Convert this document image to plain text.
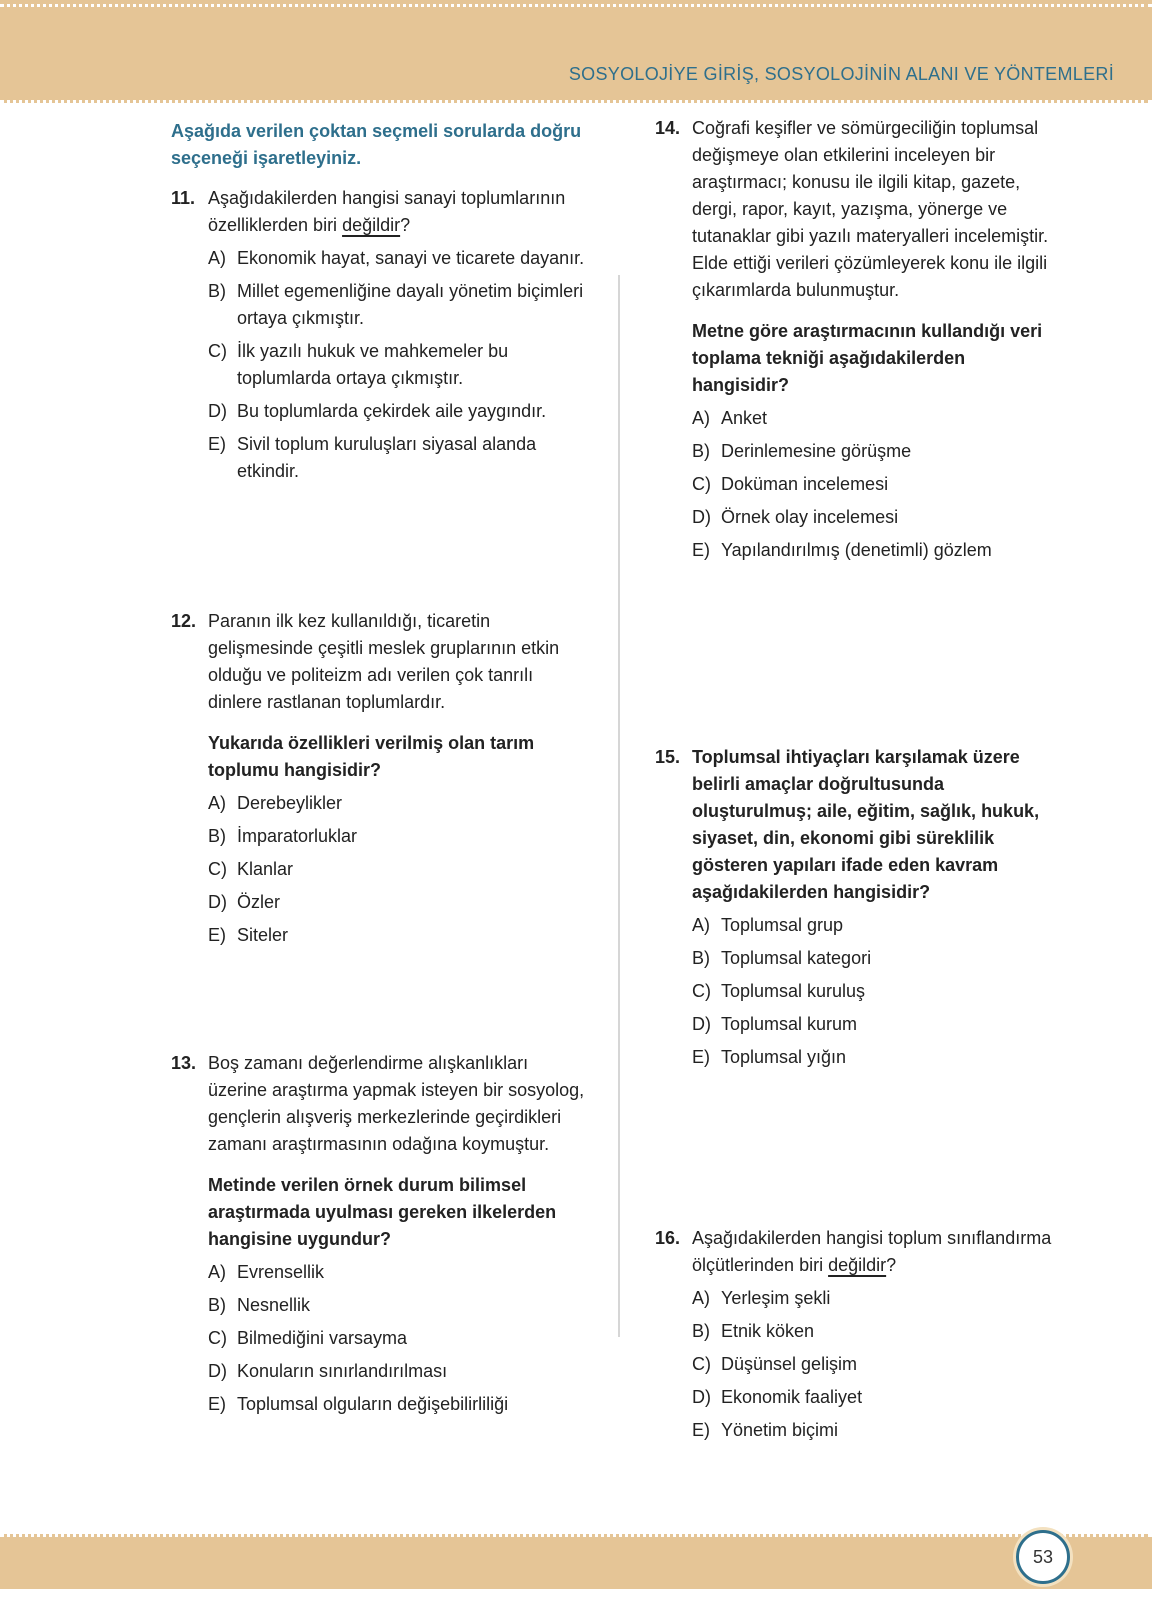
SOSYOLOJİYE GİRİŞ, SOSYOLOJİNİN ALANI VE YÖNTEMLERİ
Aşağıda verilen çoktan seçmeli sorularda doğru seçeneği işaretleyiniz.
11. Aşağıdakilerden hangisi sanayi toplumlarının özelliklerden biri değildir?
A) Ekonomik hayat, sanayi ve ticarete dayanır.
B) Millet egemenliğine dayalı yönetim biçimleri ortaya çıkmıştır.
C) İlk yazılı hukuk ve mahkemeler bu toplumlarda ortaya çıkmıştır.
D) Bu toplumlarda çekirdek aile yaygındır.
E) Sivil toplum kuruluşları siyasal alanda etkindir.
12. Paranın ilk kez kullanıldığı, ticaretin gelişmesinde çeşitli meslek gruplarının etkin olduğu ve politeizm adı verilen çok tanrılı dinlere rastlanan toplumlardır.
Yukarıda özellikleri verilmiş olan tarım toplumu hangisidir?
A) Derebeylikler
B) İmparatorluklar
C) Klanlar
D) Özler
E) Siteler
13. Boş zamanı değerlendirme alışkanlıkları üzerine araştırma yapmak isteyen bir sosyolog, gençlerin alışveriş merkezlerinde geçirdikleri zamanı araştırmasının odağına koymuştur.
Metinde verilen örnek durum bilimsel araştırmada uyulması gereken ilkelerden hangisine uygundur?
A) Evrensellik
B) Nesnellik
C) Bilmediğini varsayma
D) Konuların sınırlandırılması
E) Toplumsal olguların değişebilirliliği
14. Coğrafi keşifler ve sömürgeciliğin toplumsal değişmeye olan etkilerini inceleyen bir araştırmacı; konusu ile ilgili kitap, gazete, dergi, rapor, kayıt, yazışma, yönerge ve tutanaklar gibi yazılı materyalleri incelemiştir. Elde ettiği verileri çözümleyerek konu ile ilgili çıkarımlarda bulunmuştur.
Metne göre araştırmacının kullandığı veri toplama tekniği aşağıdakilerden hangisidir?
A) Anket
B) Derinlemesine görüşme
C) Doküman incelemesi
D) Örnek olay incelemesi
E) Yapılandırılmış (denetimli) gözlem
15. Toplumsal ihtiyaçları karşılamak üzere belirli amaçlar doğrultusunda oluşturulmuş; aile, eğitim, sağlık, hukuk, siyaset, din, ekonomi gibi süreklilik gösteren yapıları ifade eden kavram aşağıdakilerden hangisidir?
A) Toplumsal grup
B) Toplumsal kategori
C) Toplumsal kuruluş
D) Toplumsal kurum
E) Toplumsal yığın
16. Aşağıdakilerden hangisi toplum sınıflandırma ölçütlerinden biri değildir?
A) Yerleşim şekli
B) Etnik köken
C) Düşünsel gelişim
D) Ekonomik faaliyet
E) Yönetim biçimi
53
